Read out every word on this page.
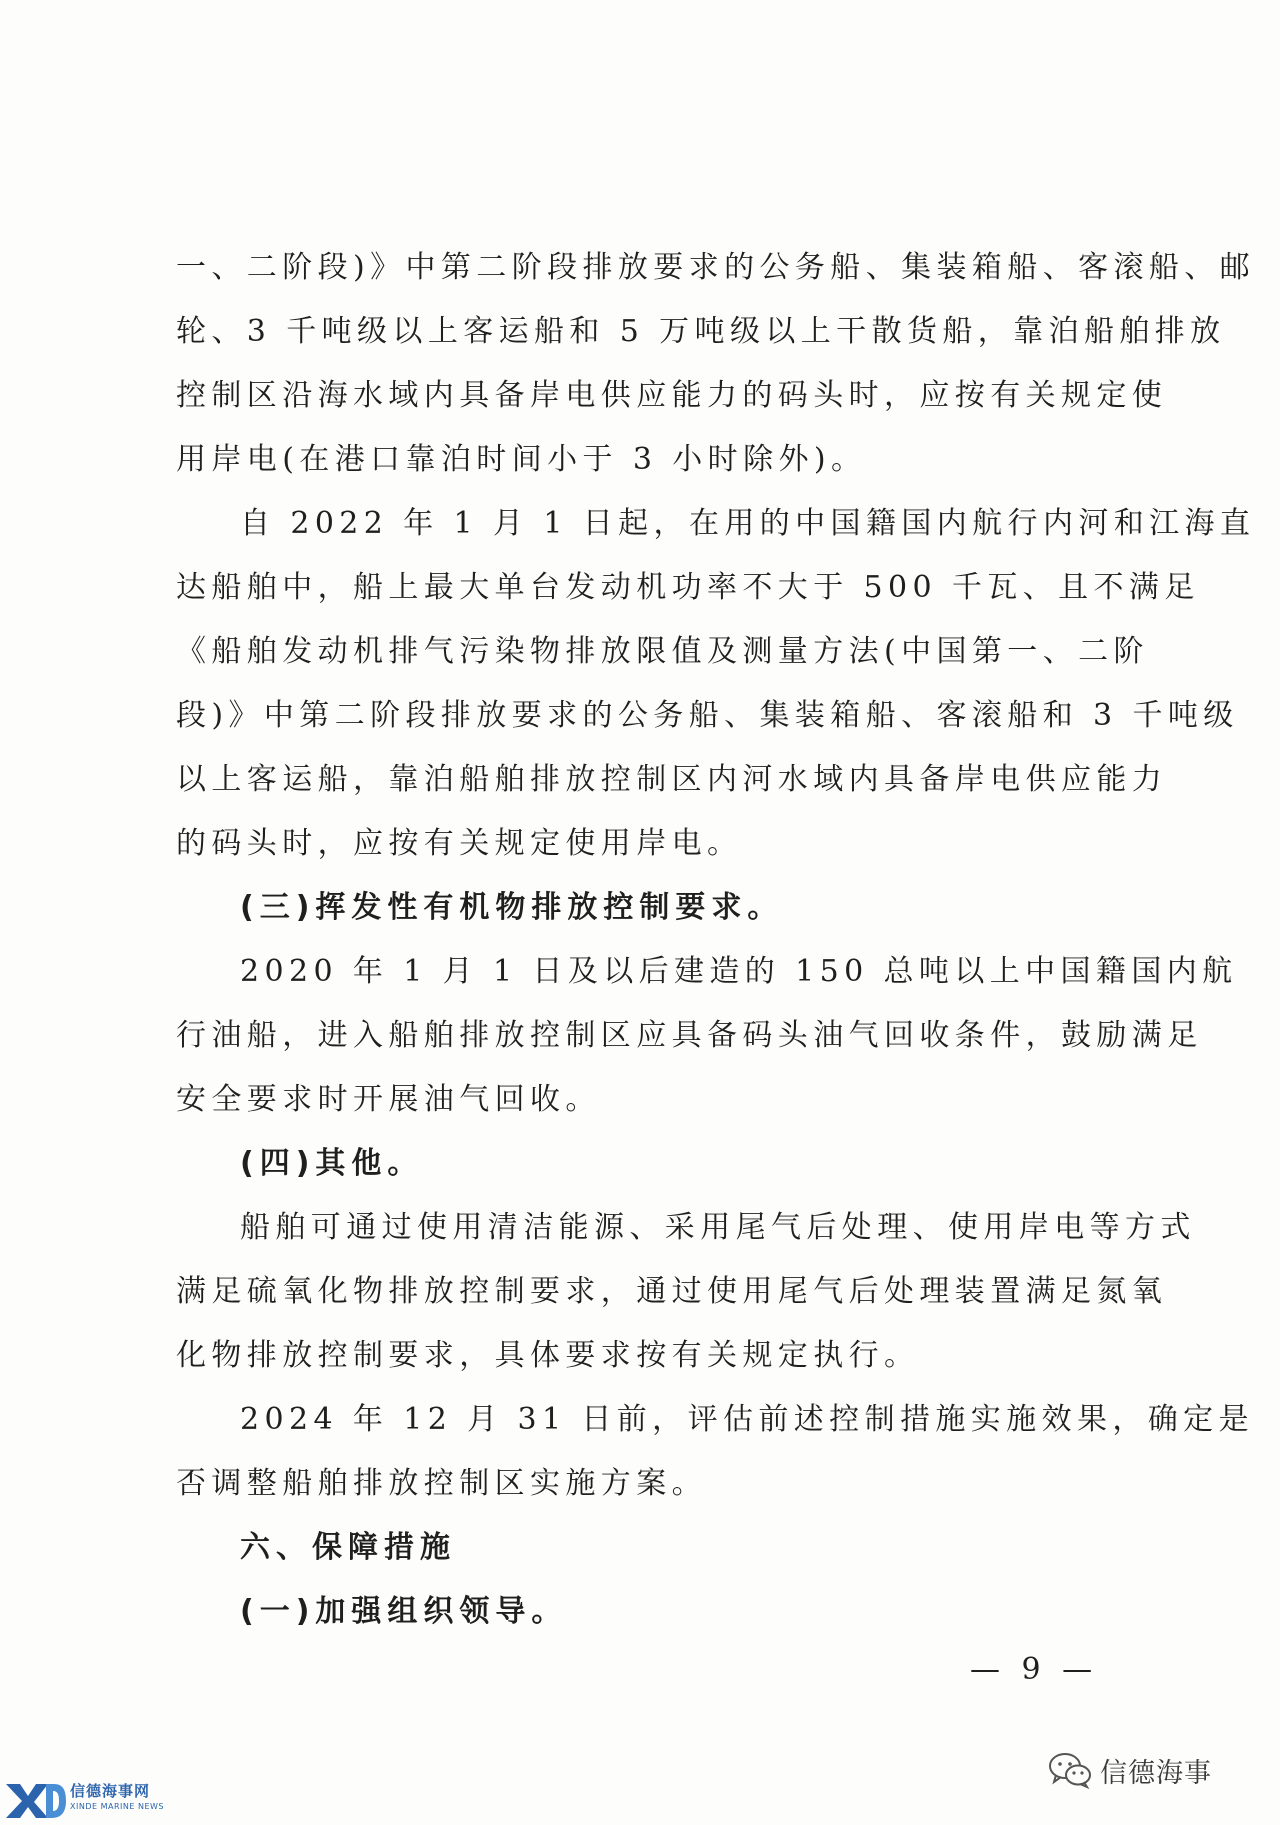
一、二阶段)》中第二阶段排放要求的公务船、集装箱船、客滚船、邮
轮、3 千吨级以上客运船和 5 万吨级以上干散货船，靠泊船舶排放
控制区沿海水域内具备岸电供应能力的码头时，应按有关规定使
用岸电(在港口靠泊时间小于 3 小时除外)。
自 2022 年 1 月 1 日起，在用的中国籍国内航行内河和江海直
达船舶中，船上最大单台发动机功率不大于 500 千瓦、且不满足
《船舶发动机排气污染物排放限值及测量方法(中国第一、二阶
段)》中第二阶段排放要求的公务船、集装箱船、客滚船和 3 千吨级
以上客运船，靠泊船舶排放控制区内河水域内具备岸电供应能力
的码头时，应按有关规定使用岸电。
(三)挥发性有机物排放控制要求。
2020 年 1 月 1 日及以后建造的 150 总吨以上中国籍国内航
行油船，进入船舶排放控制区应具备码头油气回收条件，鼓励满足
安全要求时开展油气回收。
(四)其他。
船舶可通过使用清洁能源、采用尾气后处理、使用岸电等方式
满足硫氧化物排放控制要求，通过使用尾气后处理装置满足氮氧
化物排放控制要求，具体要求按有关规定执行。
2024 年 12 月 31 日前，评估前述控制措施实施效果，确定是
否调整船舶排放控制区实施方案。
六、保障措施
(一)加强组织领导。
— 9 —
信德海事网
XINDE MARINE NEWS
信德海事
